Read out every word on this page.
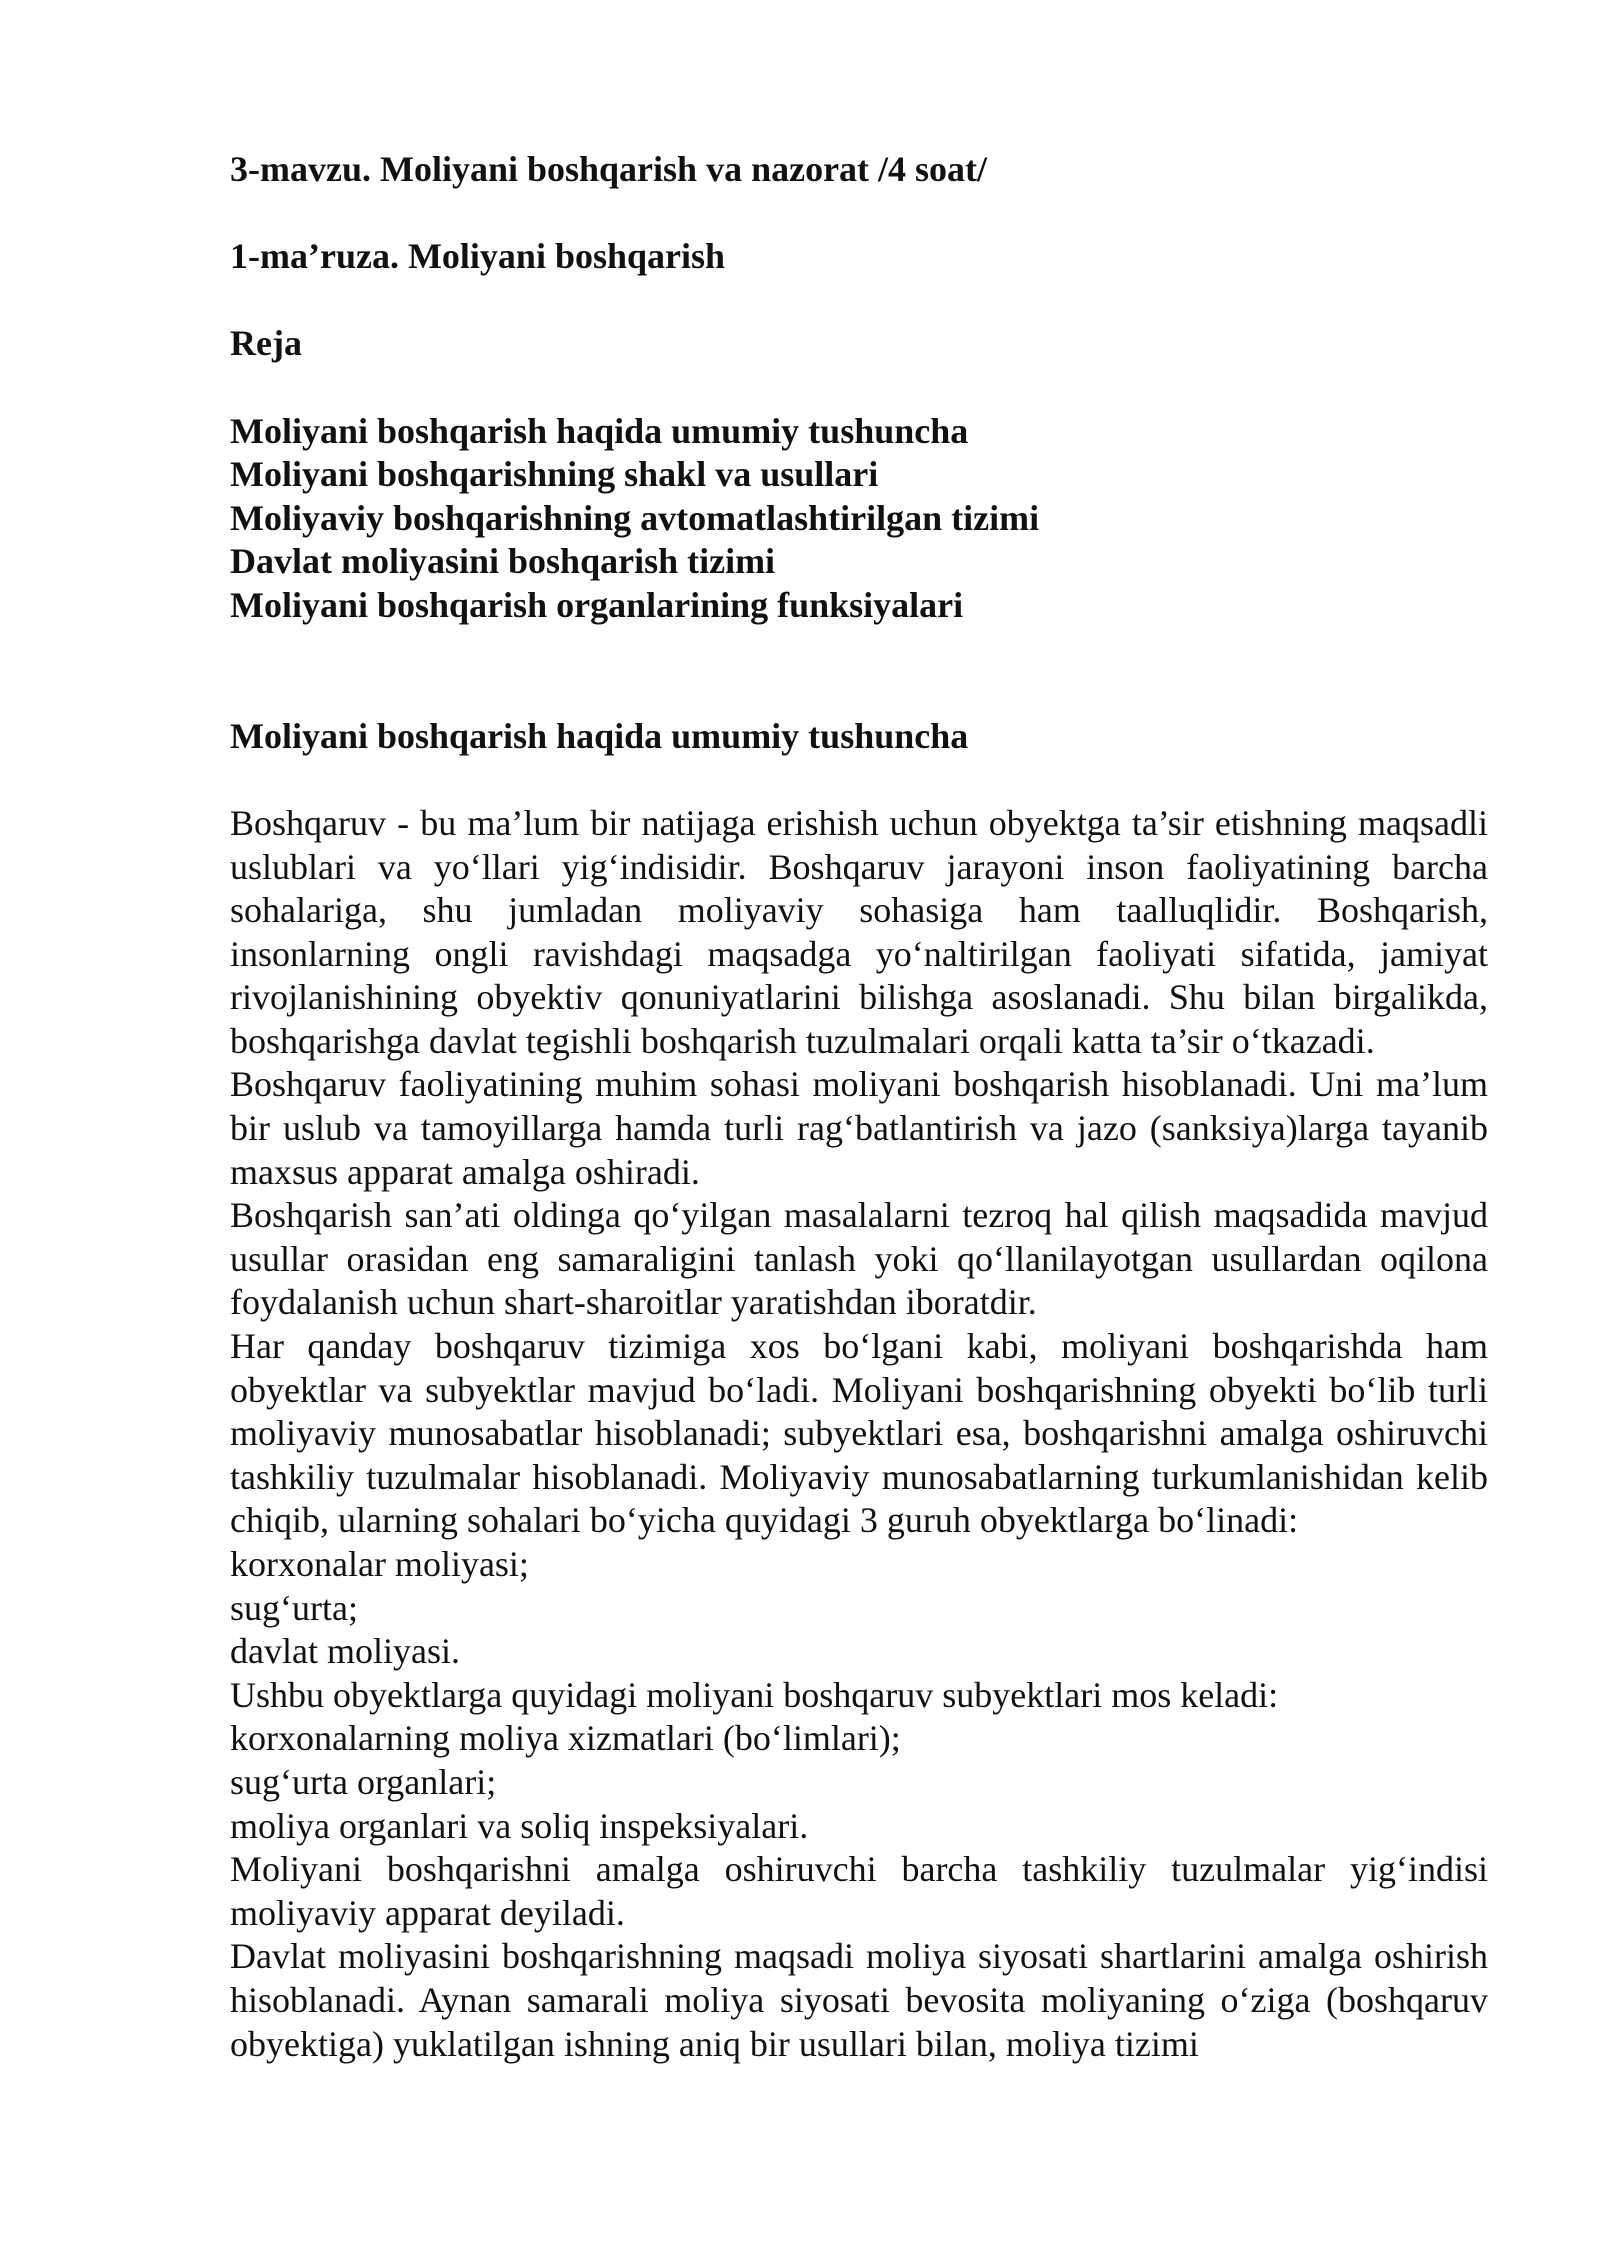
3-mavzu. Moliyani boshqarish va nazorat /4 soat/

1-ma’ruza. Moliyani boshqarish

Reja

Moliyani boshqarish haqida umumiy tushuncha
Moliyani boshqarishning shakl va usullari
Moliyaviy boshqarishning avtomatlashtirilgan tizimi
Davlat moliyasini boshqarish tizimi
Moliyani boshqarish organlarining funksiyalari

Moliyani boshqarish haqida umumiy tushuncha

Boshqaruv - bu ma’lum bir natijaga erishish uchun obyektga ta’sir etishning maqsadli uslublari va yo‘llari yig‘indisidir. Boshqaruv jarayoni inson faoliyatining barcha sohalariga, shu jumladan moliyaviy sohasiga ham taalluqlidir. Boshqarish, insonlarning ongli ravishdagi maqsadga yo‘naltirilgan faoliyati sifatida, jamiyat rivojlanishining obyektiv qonuniyatlarini bilishga asoslanadi. Shu bilan birgalikda, boshqarishga davlat tegishli boshqarish tuzulmalari orqali katta ta’sir o‘tkazadi.

Boshqaruv faoliyatining muhim sohasi moliyani boshqarish hisoblanadi. Uni ma’lum bir uslub va tamoyillarga hamda turli rag‘batlantirish va jazo (sanksiya)larga tayanib maxsus apparat amalga oshiradi.

Boshqarish san’ati oldinga qo‘yilgan masalalarni tezroq hal qilish maqsadida mavjud usullar orasidan eng samaraligini tanlash yoki qo‘llanilayotgan usullardan oqilona foydalanish uchun shart-sharoitlar yaratishdan iboratdir.

Har qanday boshqaruv tizimiga xos bo‘lgani kabi, moliyani boshqarishda ham obyektlar va subyektlar mavjud bo‘ladi. Moliyani boshqarishning obyekti bo‘lib turli moliyaviy munosabatlar hisoblanadi; subyektlari esa, boshqarishni amalga oshiruvchi tashkiliy tuzulmalar hisoblanadi. Moliyaviy munosabatlarning turkumlanishidan kelib chiqib, ularning sohalari bo‘yicha quyidagi 3 guruh obyektlarga bo‘linadi:

korxonalar moliyasi;

sug‘urta;

davlat moliyasi.

Ushbu obyektlarga quyidagi moliyani boshqaruv subyektlari mos keladi:

korxonalarning moliya xizmatlari (bo‘limlari);

sug‘urta organlari;

moliya organlari va soliq inspeksiyalari.

Moliyani boshqarishni amalga oshiruvchi barcha tashkiliy tuzulmalar yig‘indisi moliyaviy apparat deyiladi.

Davlat moliyasini boshqarishning maqsadi moliya siyosati shartlarini amalga oshirish hisoblanadi. Aynan samarali moliya siyosati bevosita moliyaning o‘ziga (boshqaruv obyektiga) yuklatilgan ishning aniq bir usullari bilan, moliya tizimi
